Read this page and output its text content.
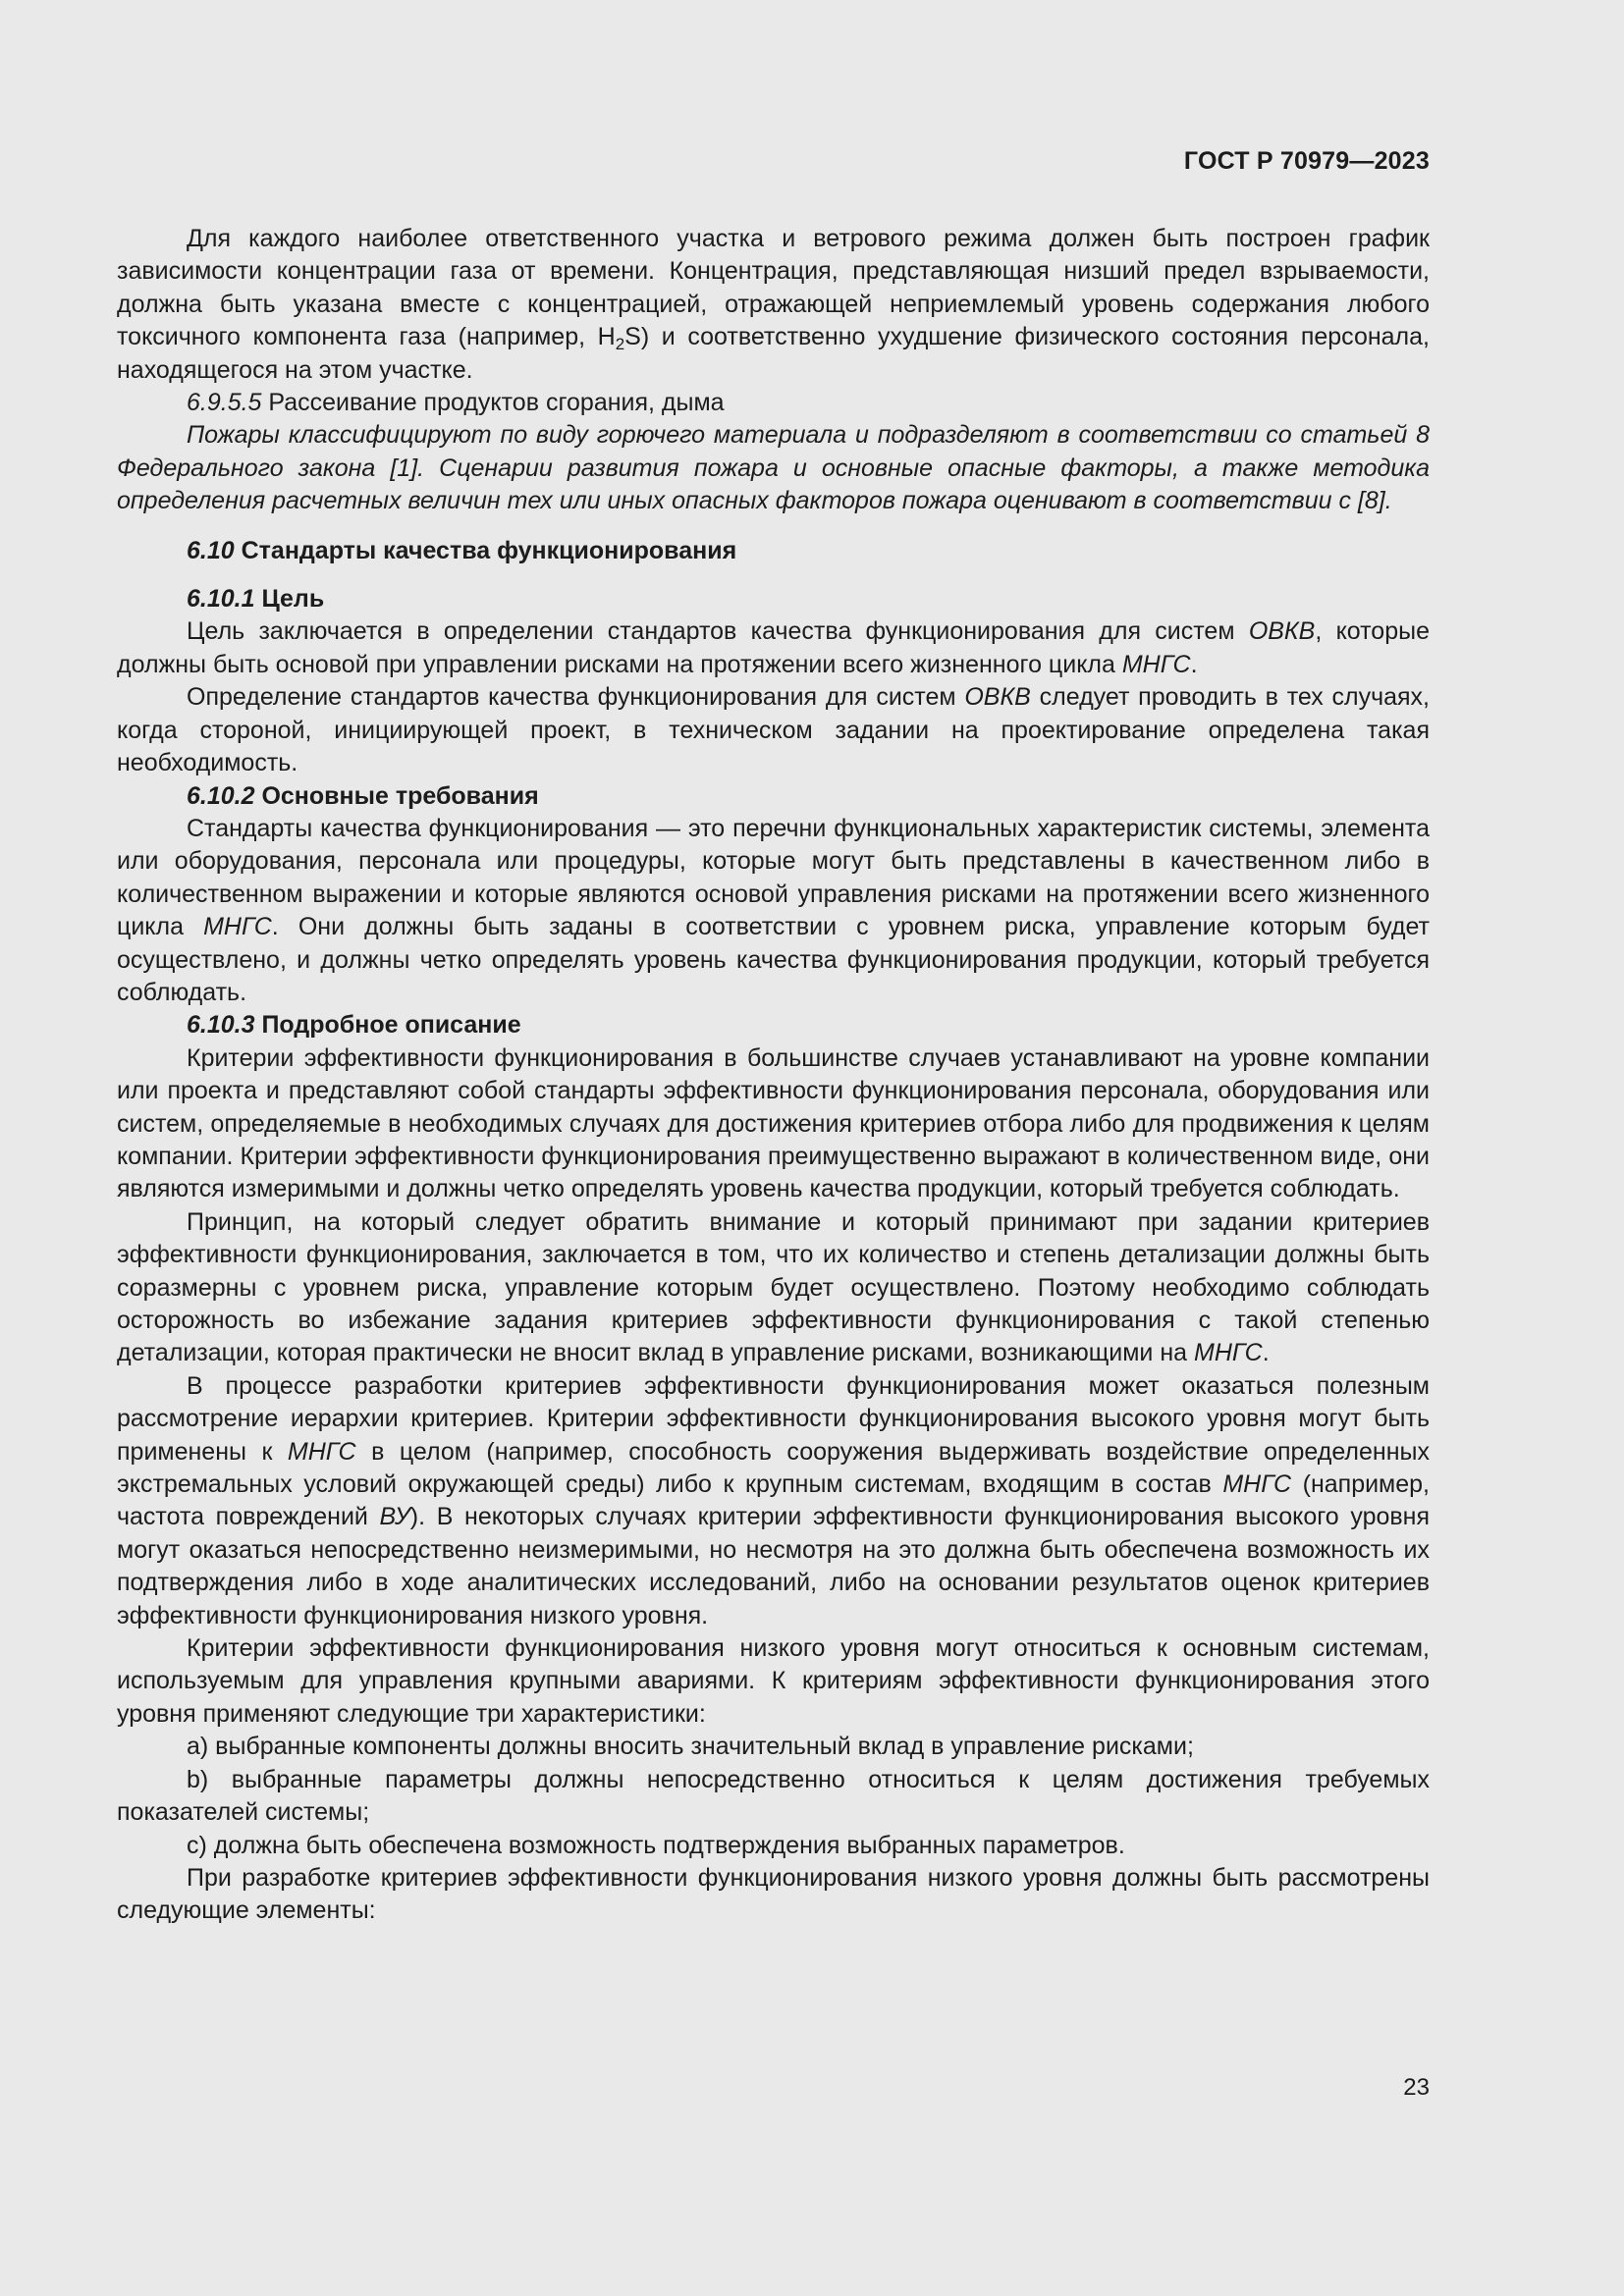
ГОСТ Р 70979—2023

Для каждого наиболее ответственного участка и ветрового режима должен быть построен график зависимости концентрации газа от времени. Концентрация, представляющая низший предел взрываемости, должна быть указана вместе с концентрацией, отражающей неприемлемый уровень содержания любого токсичного компонента газа (например, $H_2S$) и соответственно ухудшение физического состояния персонала, находящегося на этом участке.

6.9.5.5 Рассеивание продуктов сгорания, дыма

Пожары классифицируют по виду горючего материала и подразделяют в соответствии со статьей 8 Федерального закона [1]. Сценарии развития пожара и основные опасные факторы, а также методика определения расчетных величин тех или иных опасных факторов пожара оценивают в соответствии с [8].

6.10 Стандарты качества функционирования

6.10.1 Цель

Цель заключается в определении стандартов качества функционирования для систем ОВКВ, которые должны быть основой при управлении рисками на протяжении всего жизненного цикла МНГС.

Определение стандартов качества функционирования для систем ОВКВ следует проводить в тех случаях, когда стороной, инициирующей проект, в техническом задании на проектирование определена такая необходимость.

6.10.2 Основные требования

Стандарты качества функционирования — это перечни функциональных характеристик системы, элемента или оборудования, персонала или процедуры, которые могут быть представлены в качественном либо в количественном выражении и которые являются основой управления рисками на протяжении всего жизненного цикла МНГС. Они должны быть заданы в соответствии с уровнем риска, управление которым будет осуществлено, и должны четко определять уровень качества функционирования продукции, который требуется соблюдать.

6.10.3 Подробное описание

Критерии эффективности функционирования в большинстве случаев устанавливают на уровне компании или проекта и представляют собой стандарты эффективности функционирования персонала, оборудования или систем, определяемые в необходимых случаях для достижения критериев отбора либо для продвижения к целям компании. Критерии эффективности функционирования преимущественно выражают в количественном виде, они являются измеримыми и должны четко определять уровень качества продукции, который требуется соблюдать.

Принцип, на который следует обратить внимание и который принимают при задании критериев эффективности функционирования, заключается в том, что их количество и степень детализации должны быть соразмерны с уровнем риска, управление которым будет осуществлено. Поэтому необходимо соблюдать осторожность во избежание задания критериев эффективности функционирования с такой степенью детализации, которая практически не вносит вклад в управление рисками, возникающими на МНГС.

В процессе разработки критериев эффективности функционирования может оказаться полезным рассмотрение иерархии критериев. Критерии эффективности функционирования высокого уровня могут быть применены к МНГС в целом (например, способность сооружения выдерживать воздействие определенных экстремальных условий окружающей среды) либо к крупным системам, входящим в состав МНГС (например, частота повреждений ВУ). В некоторых случаях критерии эффективности функционирования высокого уровня могут оказаться непосредственно неизмеримыми, но несмотря на это должна быть обеспечена возможность их подтверждения либо в ходе аналитических исследований, либо на основании результатов оценок критериев эффективности функционирования низкого уровня.

Критерии эффективности функционирования низкого уровня могут относиться к основным системам, используемым для управления крупными авариями. К критериям эффективности функционирования этого уровня применяют следующие три характеристики:

a) выбранные компоненты должны вносить значительный вклад в управление рисками;

b) выбранные параметры должны непосредственно относиться к целям достижения требуемых показателей системы;

c) должна быть обеспечена возможность подтверждения выбранных параметров.

При разработке критериев эффективности функционирования низкого уровня должны быть рассмотрены следующие элементы:

23
